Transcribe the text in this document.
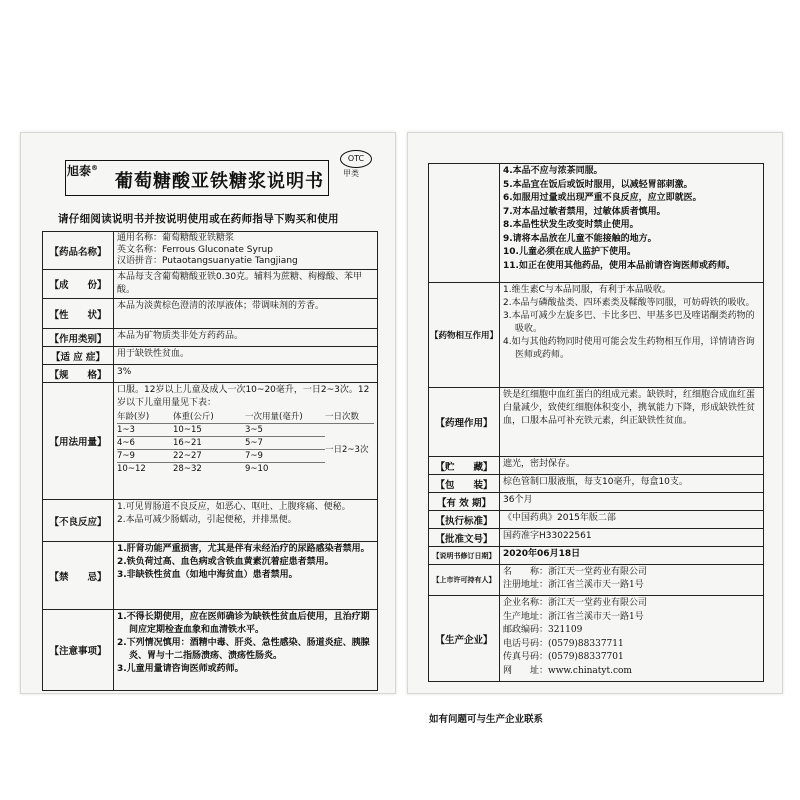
旭泰®
葡萄糖酸亚铁糖浆说明书
OTC
甲类
请仔细阅读说明书并按说明使用或在药师指导下购买和使用
【药品名称】

通用名称：葡萄糖酸亚铁糖浆

英文名称：Ferrous Gluconate Syrup

汉语拼音：Putaotangsuanyatie Tangjiang

【成　　份】
本品每支含葡萄糖酸亚铁0.30克。辅料为蔗糖、枸橼酸、苯甲酸。
【性　　状】
本品为淡黄棕色澄清的浓厚液体；带调味剂的芳香。
【作用类别】	本品为矿物质类非处方药药品。
【适 应 症】	用于缺铁性贫血。
【规　　格】	3%
【用法用量】

口服。12岁以上儿童及成人一次10~20毫升，一日2~3次。12岁以下儿童用量见下表：

年龄(岁)	体重(公斤)	一次用量(毫升)	一日次数
1~3	10~15	3~5
一日2~3次
4~6	16~21	5~7
7~9	22~27	7~9
10~12	28~32	9~10
【不良反应】

1.可见胃肠道不良反应，如恶心、呕吐、上腹疼痛、便秘。

2.本品可减少肠蠕动，引起便秘，并排黑便。

【禁　　忌】

1.肝肾功能严重损害，尤其是伴有未经治疗的尿路感染者禁用。

2.铁负荷过高、血色病或含铁血黄素沉着症患者禁用。

3.非缺铁性贫血（如地中海贫血）患者禁用。

【注意事项】

1.不得长期使用，应在医师确诊为缺铁性贫血后使用，且治疗期间应定期检查血象和血清铁水平。

2.下列情况慎用：酒精中毒、肝炎、急性感染、肠道炎症、胰腺炎、胃与十二指肠溃疡、溃疡性肠炎。

3.儿童用量请咨询医师或药师。

4.本品不应与浓茶同服。

5.本品宜在饭后或饭时服用，以减轻胃部刺激。

6.如服用过量或出现严重不良反应，应立即就医。

7.对本品过敏者禁用，过敏体质者慎用。

8.本品性状发生改变时禁止使用。

9.请将本品放在儿童不能接触的地方。

10.儿童必须在成人监护下使用。

11.如正在使用其他药品，使用本品前请咨询医师或药师。

【药物相互作用】

1.维生素C与本品同服，有利于本品吸收。

2.本品与磷酸盐类、四环素类及鞣酸等同服，可妨碍铁的吸收。

3.本品可减少左旋多巴、卡比多巴、甲基多巴及喹诺酮类药物的吸收。

4.如与其他药物同时使用可能会发生药物相互作用，详情请咨询医师或药师。

【药理作用】
铁是红细胞中血红蛋白的组成元素。缺铁时，红细胞合成血红蛋白量减少，致使红细胞体积变小，携氧能力下降，形成缺铁性贫血，口服本品可补充铁元素，纠正缺铁性贫血。
【贮　　藏】	遮光，密封保存。
【包　　装】	棕色管制口服液瓶，每支10毫升，每盒10支。
【有 效 期】	36个月
【执行标准】	《中国药典》2015年版二部
【批准文号】	国药准字H33022561
【说明书修订日期】 2020年06月18日
【上市许可持有人】

名　　称：浙江天一堂药业有限公司

注册地址：浙江省兰溪市天一路1号

【生产企业】

企业名称：浙江天一堂药业有限公司

生产地址：浙江省兰溪市天一路1号

邮政编码：321109

电话号码：(0579)88337711

传真号码：(0579)88337701

网　　址：www.chinatyt.com

如有问题可与生产企业联系
